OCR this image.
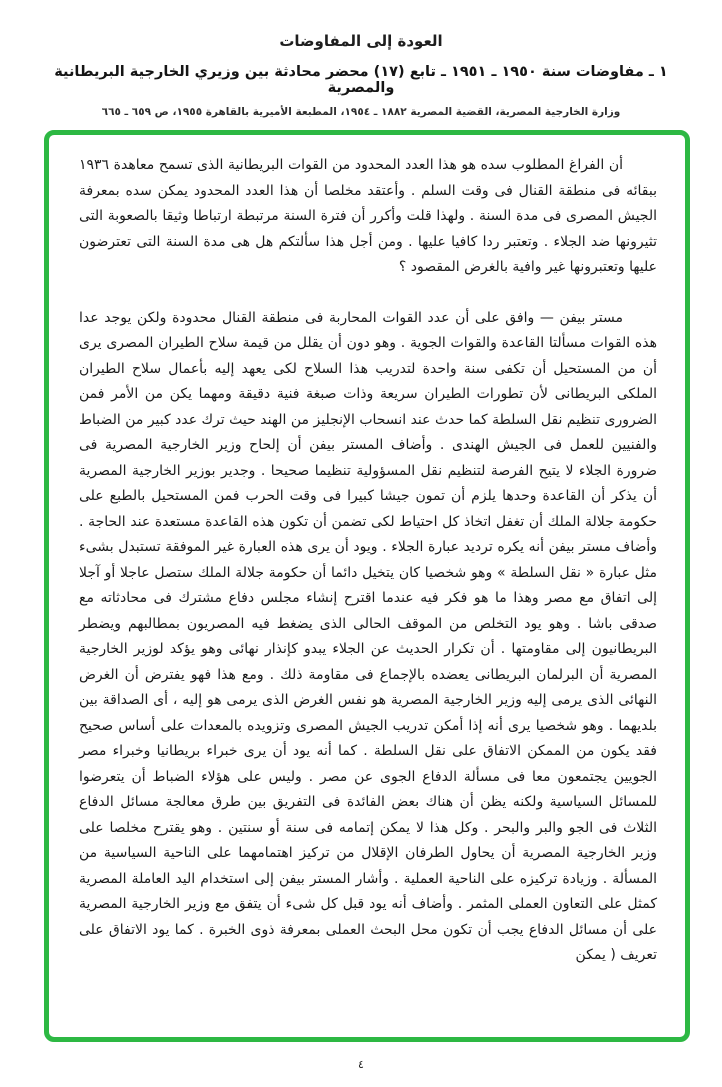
العودة إلى المفاوضات
١ ـ مفاوضات سنة ١٩٥٠ ـ ١٩٥١ ـ تابع (١٧) محضر محادثة بين وزيري الخارجية البريطانية والمصرية
وزارة الخارجية المصرية، القضية المصرية ١٨٨٢ ـ ١٩٥٤، المطبعة الأميرية بالقاهرة ١٩٥٥، ص ٦٥٩ ـ ٦٦٥

أن الفراغ المطلوب سده هو هذا العدد المحدود من القوات البريطانية الذى تسمح معاهدة ١٩٣٦ ببقائه فى منطقة القنال فى وقت السلم . وأعتقد مخلصا أن هذا العدد المحدود يمكن سده بمعرفة الجيش المصرى فى مدة السنة . ولهذا قلت وأكرر أن فترة السنة مرتبطة ارتباطا وثيقا بالصعوبة التى تثيرونها ضد الجلاء . وتعتبر ردا كافيا عليها . ومن أجل هذا سألتكم هل هى مدة السنة التى تعترضون عليها وتعتبرونها غير وافية بالغرض المقصود ؟

مستر بيفن — وافق على أن عدد القوات المحاربة فى منطقة القنال محدودة ولكن يوجد عدا هذه القوات مسألتا القاعدة والقوات الجوية . وهو دون أن يقلل من قيمة سلاح الطيران المصرى يرى أن من المستحيل أن تكفى سنة واحدة لتدريب هذا السلاح لكى يعهد إليه بأعمال سلاح الطيران الملكى البريطانى لأن تطورات الطيران سريعة وذات صبغة فنية دقيقة ومهما يكن من الأمر فمن الضرورى تنظيم نقل السلطة كما حدث عند انسحاب الإنجليز من الهند حيث ترك عدد كبير من الضباط والفنيين للعمل فى الجيش الهندى . وأضاف المستر بيفن أن إلحاح وزير الخارجية المصرية فى ضرورة الجلاء لا يتيح الفرصة لتنظيم نقل المسؤولية تنظيما صحيحا . وجدير بوزير الخارجية المصرية أن يذكر أن القاعدة وحدها يلزم أن تمون جيشا كبيرا فى وقت الحرب فمن المستحيل بالطبع على حكومة جلالة الملك أن تغفل اتخاذ كل احتياط لكى تضمن أن تكون هذه القاعدة مستعدة عند الحاجة . وأضاف مستر بيفن أنه يكره ترديد عبارة الجلاء . ويود أن يرى هذه العبارة غير الموفقة تستبدل بشىء مثل عبارة « نقل السلطة » وهو شخصيا كان يتخيل دائما أن حكومة جلالة الملك ستصل عاجلا أو آجلا إلى اتفاق مع مصر وهذا ما هو فكر فيه عندما اقترح إنشاء مجلس دفاع مشترك فى محادثاته مع صدقى باشا . وهو يود التخلص من الموقف الحالى الذى يضغط فيه المصريون بمطالبهم ويضطر البريطانيون إلى مقاومتها . أن تكرار الحديث عن الجلاء يبدو كإنذار نهائى وهو يؤكد لوزير الخارجية المصرية أن البرلمان البريطانى يعضده بالإجماع فى مقاومة ذلك . ومع هذا فهو يفترض أن الغرض النهائى الذى يرمى إليه وزير الخارجية المصرية هو نفس الغرض الذى يرمى هو إليه ، أى الصداقة بين بلديهما . وهو شخصيا يرى أنه إذا أمكن تدريب الجيش المصرى وتزويده بالمعدات على أساس صحيح فقد يكون من الممكن الاتفاق على نقل السلطة . كما أنه يود أن يرى خبراء بريطانيا وخبراء مصر الجويين يجتمعون معا فى مسألة الدفاع الجوى عن مصر . وليس على هؤلاء الضباط أن يتعرضوا للمسائل السياسية ولكنه يظن أن هناك بعض الفائدة فى التفريق بين طرق معالجة مسائل الدفاع الثلاث فى الجو والبر والبحر . وكل هذا لا يمكن إتمامه فى سنة أو سنتين . وهو يقترح مخلصا على وزير الخارجية المصرية أن يحاول الطرفان الإقلال من تركيز اهتمامهما على الناحية السياسية من المسألة . وزيادة تركيزه على الناحية العملية . وأشار المستر بيفن إلى استخدام اليد العاملة المصرية كمثل على التعاون العملى المثمر . وأضاف أنه يود قبل كل شىء أن يتفق مع وزير الخارجية المصرية على أن مسائل الدفاع يجب أن تكون محل البحث العملى بمعرفة ذوى الخبرة . كما يود الاتفاق على تعريف ( يمكن

٤
